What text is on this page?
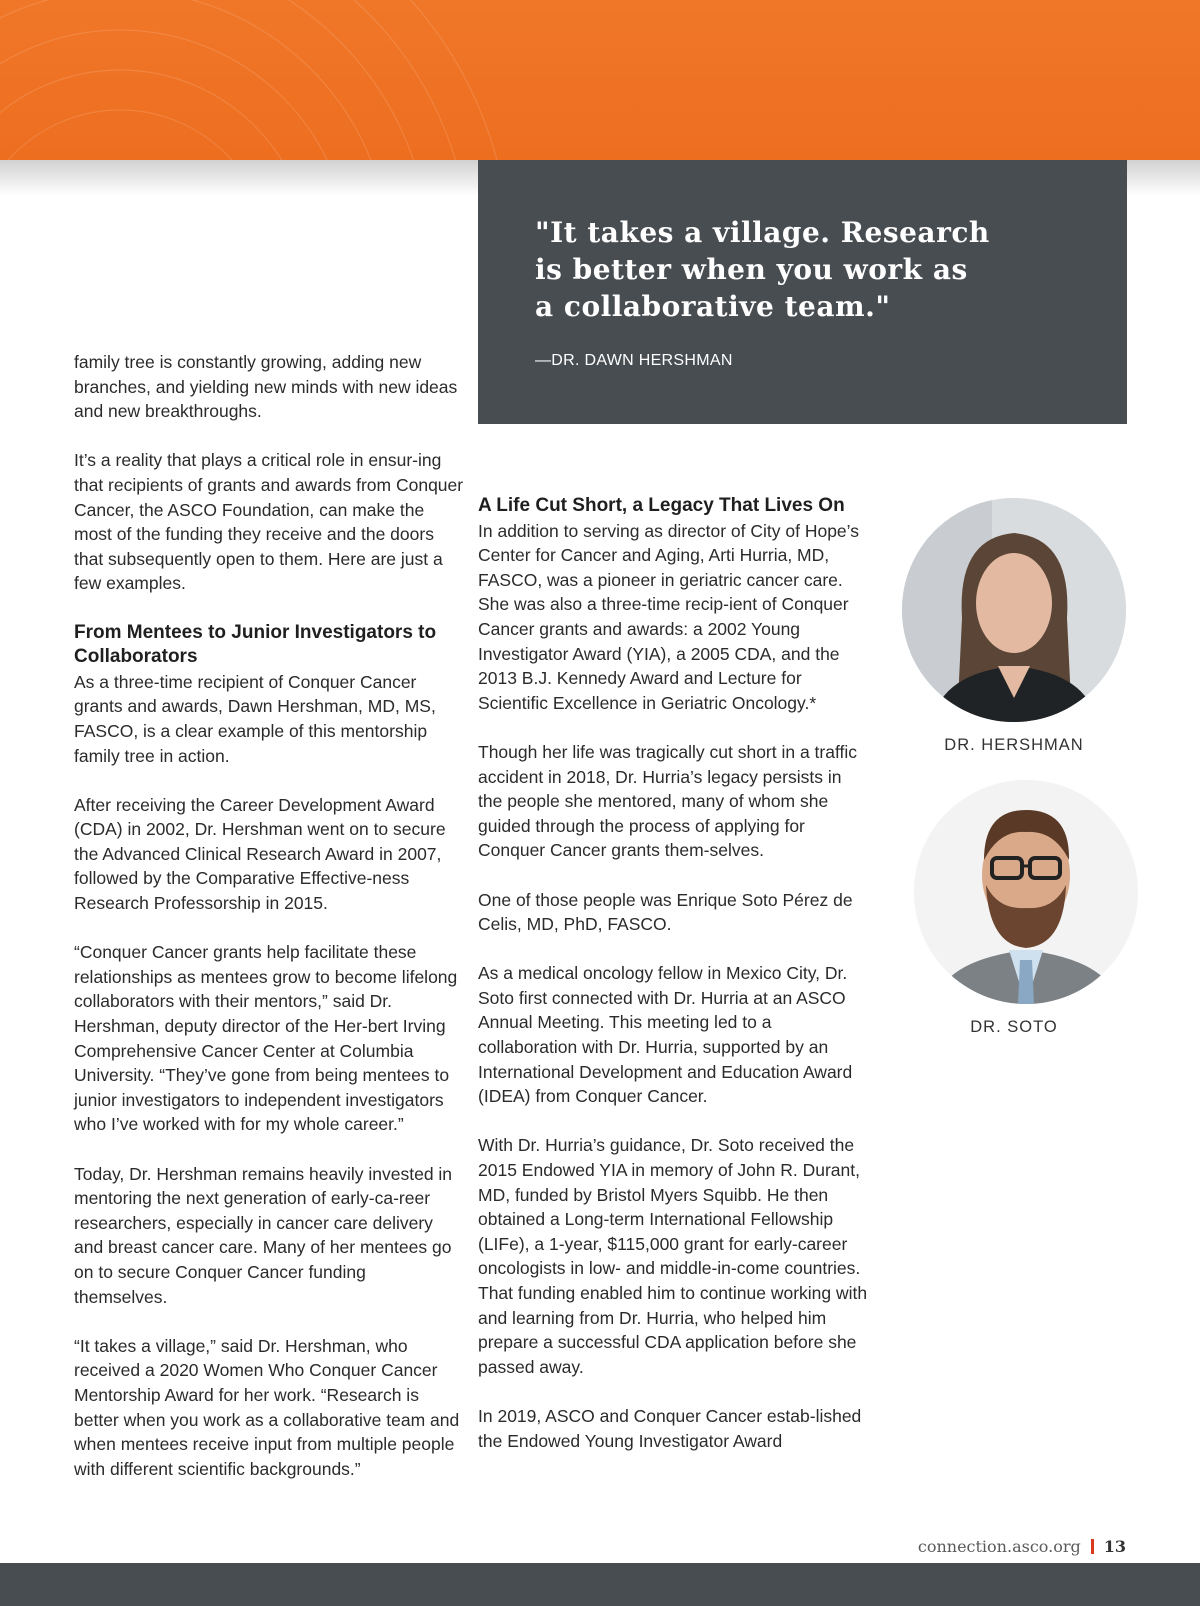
"It takes a village. Research
is better when you work as
a collaborative team."

—DR. DAWN HERSHMAN

family tree is constantly growing, adding new branches, and yielding new minds with new ideas and new breakthroughs.

It’s a reality that plays a critical role in ensur-ing that recipients of grants and awards from Conquer Cancer, the ASCO Foundation, can make the most of the funding they receive and the doors that subsequently open to them. Here are just a few examples.

From Mentees to Junior Investigators to Collaborators

As a three-time recipient of Conquer Cancer grants and awards, Dawn Hershman, MD, MS, FASCO, is a clear example of this mentorship family tree in action.

After receiving the Career Development Award (CDA) in 2002, Dr. Hershman went on to secure the Advanced Clinical Research Award in 2007, followed by the Comparative Effective-ness Research Professorship in 2015.

“Conquer Cancer grants help facilitate these relationships as mentees grow to become lifelong collaborators with their mentors,” said Dr. Hershman, deputy director of the Her-bert Irving Comprehensive Cancer Center at Columbia University. “They’ve gone from being mentees to junior investigators to independent investigators who I’ve worked with for my whole career.”

Today, Dr. Hershman remains heavily invested in mentoring the next generation of early-ca-reer researchers, especially in cancer care delivery and breast cancer care. Many of her mentees go on to secure Conquer Cancer funding themselves.

“It takes a village,” said Dr. Hershman, who received a 2020 Women Who Conquer Cancer Mentorship Award for her work. “Research is better when you work as a collaborative team and when mentees receive input from multiple people with different scientific backgrounds.”

A Life Cut Short, a Legacy That Lives On

In addition to serving as director of City of Hope’s Center for Cancer and Aging, Arti Hurria, MD, FASCO, was a pioneer in geriatric cancer care. She was also a three-time recip-ient of Conquer Cancer grants and awards: a 2002 Young Investigator Award (YIA), a 2005 CDA, and the 2013 B.J. Kennedy Award and Lecture for Scientific Excellence in Geriatric Oncology.*

Though her life was tragically cut short in a traffic accident in 2018, Dr. Hurria’s legacy persists in the people she mentored, many of whom she guided through the process of applying for Conquer Cancer grants them-selves.

One of those people was Enrique Soto Pérez de Celis, MD, PhD, FASCO.

As a medical oncology fellow in Mexico City, Dr. Soto first connected with Dr. Hurria at an ASCO Annual Meeting. This meeting led to a collaboration with Dr. Hurria, supported by an International Development and Education Award (IDEA) from Conquer Cancer.

With Dr. Hurria’s guidance, Dr. Soto received the 2015 Endowed YIA in memory of John R. Durant, MD, funded by Bristol Myers Squibb. He then obtained a Long-term International Fellowship (LIFe), a 1-year, $115,000 grant for early-career oncologists in low- and middle-in-come countries. That funding enabled him to continue working with and learning from Dr. Hurria, who helped him prepare a successful CDA application before she passed away.

In 2019, ASCO and Conquer Cancer estab-lished the Endowed Young Investigator Award

DR. HERSHMAN
DR. SOTO
connection.asco.org 13
